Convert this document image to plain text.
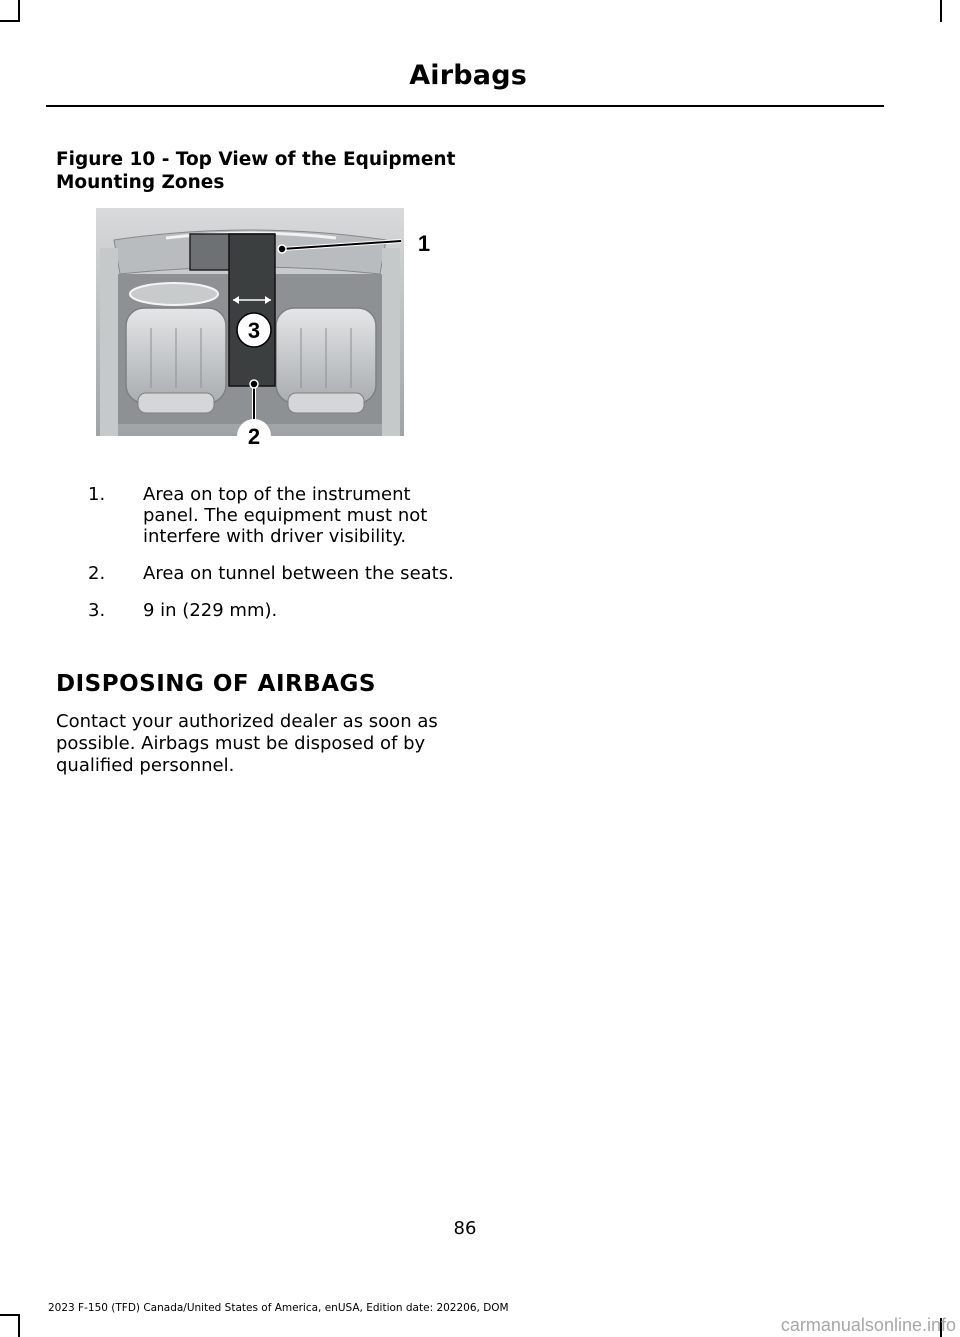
Airbags
Figure 10 - Top View of the Equipment Mounting Zones
1
3
2
1. Area on top of the instrument panel. The equipment must not interfere with driver visibility.
2. Area on tunnel between the seats.
3. 9 in (229 mm).
DISPOSING OF AIRBAGS
Contact your authorized dealer as soon as possible. Airbags must be disposed of by qualified personnel.
86
2023 F-150 (TFD) Canada/United States of America, enUSA, Edition date: 202206, DOM
carmanualsonline.info
